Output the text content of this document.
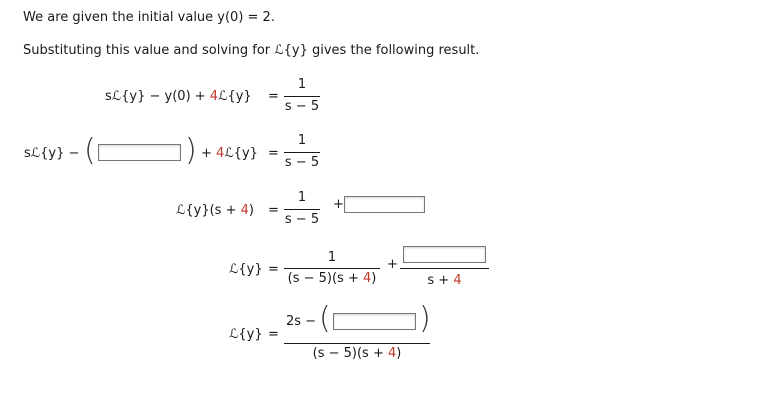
We are given the initial value y(0) = 2.
Substituting this value and solving for ℒ{y} gives the following result.
sℒ{y} − y(0) + 4ℒ{y} =
1
s − 5
sℒ{y} − (	) + 4ℒ{y} =
1
s − 5
ℒ{y}(s + 4) =
1
s − 5
+
ℒ{y} =
1
(s − 5)(s + 4)
+
s + 4
ℒ{y} =
2s − (	)
(s − 5)(s + 4)
